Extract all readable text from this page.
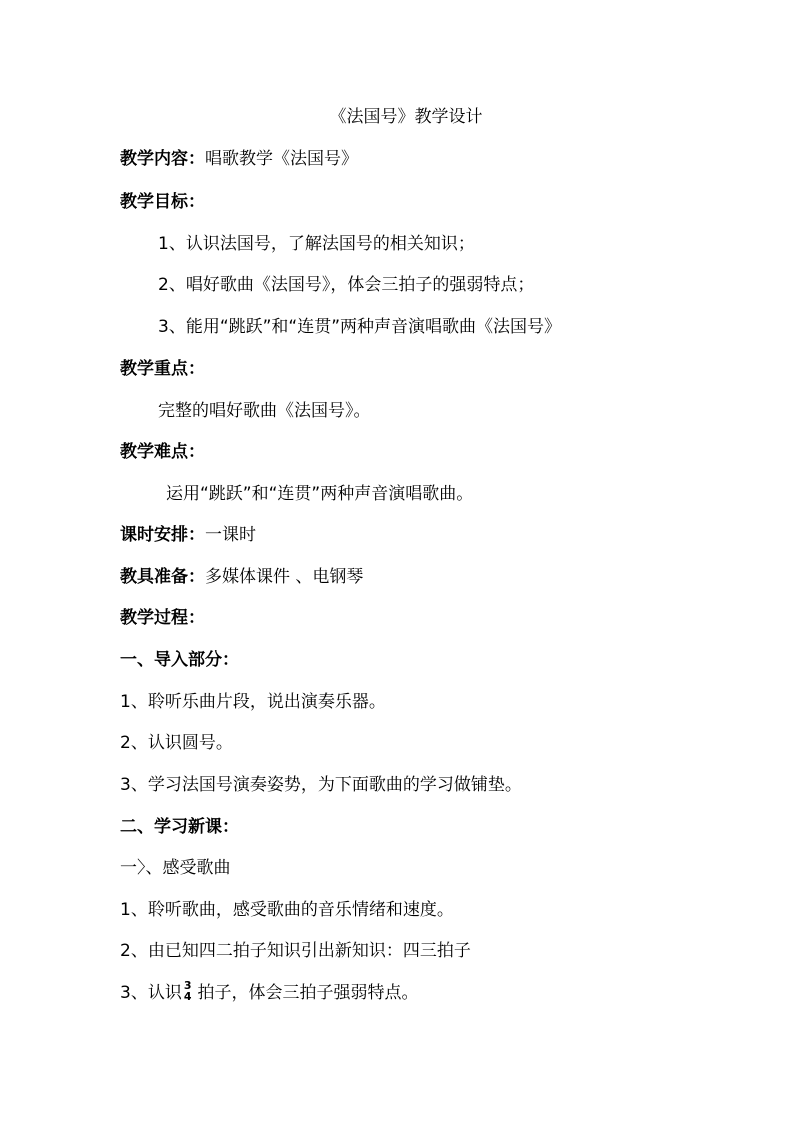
《法国号》教学设计
教学内容：唱歌教学《法国号》
教学目标：
1、认识法国号，了解法国号的相关知识；
2、唱好歌曲《法国号》，体会三拍子的强弱特点；
3、能用“跳跃”和“连贯”两种声音演唱歌曲《法国号》
教学重点：
完整的唱好歌曲《法国号》。
教学难点：
运用“跳跃”和“连贯”两种声音演唱歌曲。
课时安排：一课时
教具准备：多媒体课件 、电钢琴
教学过程：
一、导入部分：
1、聆听乐曲片段，说出演奏乐器。
2、认识圆号。
3、学习法国号演奏姿势，为下面歌曲的学习做铺垫。
二、学习新课：
一〉、感受歌曲
1、聆听歌曲，感受歌曲的音乐情绪和速度。
2、由已知四二拍子知识引出新知识：四三拍子
3、认识 3
4 拍子，体会三拍子强弱特点。
